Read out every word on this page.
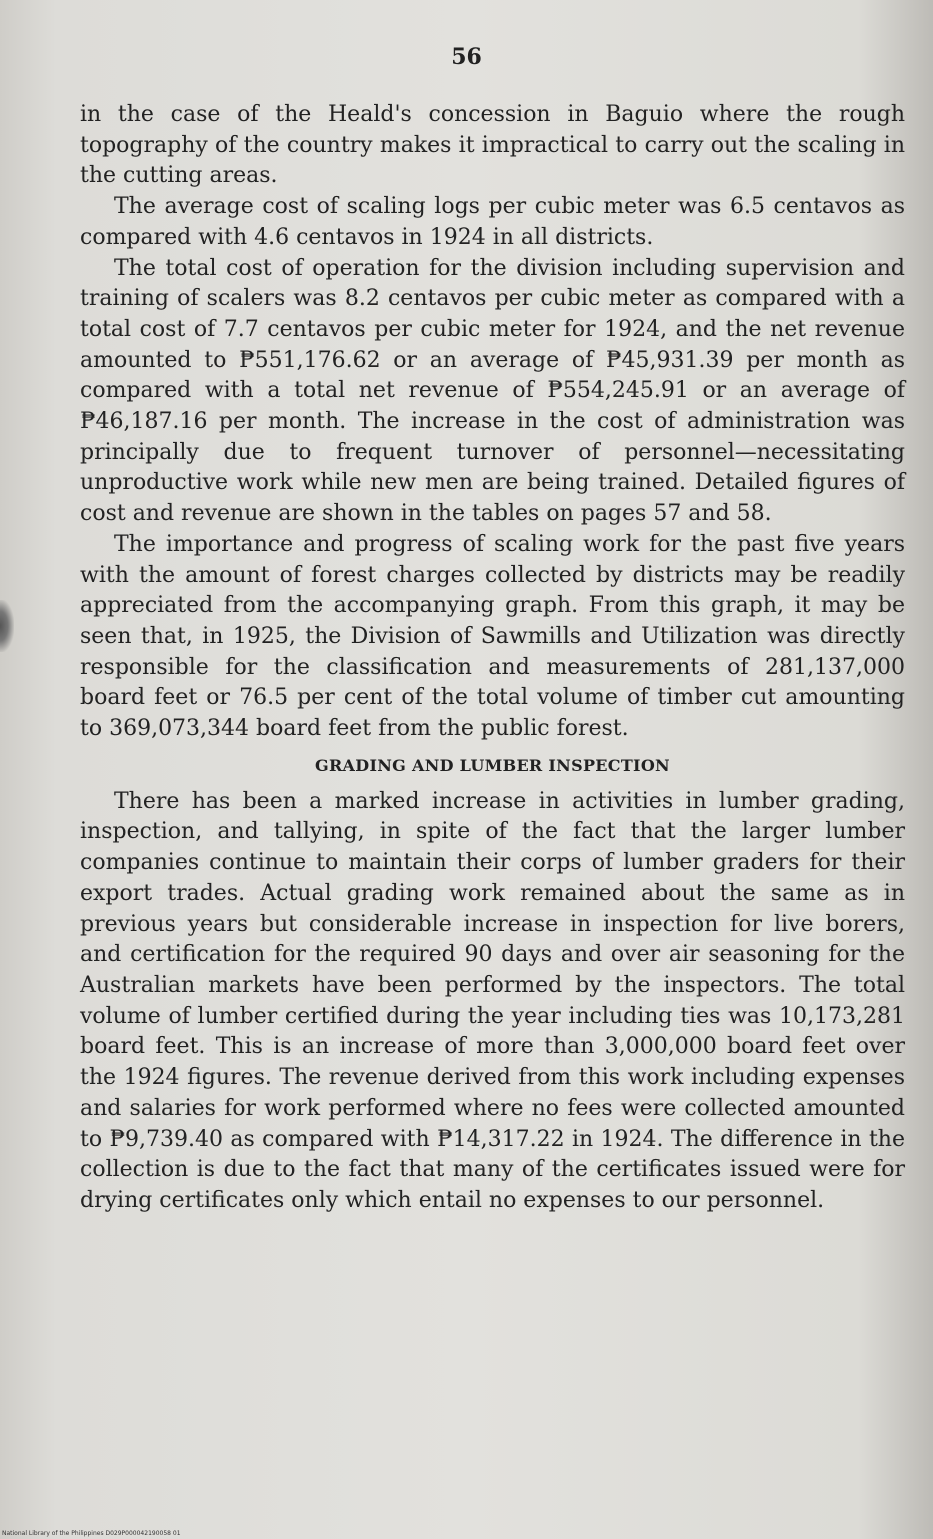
56

in the case of the Heald's concession in Baguio where the rough topography of the country makes it impractical to carry out the scaling in the cutting areas.

The average cost of scaling logs per cubic meter was 6.5 centavos as compared with 4.6 centavos in 1924 in all districts.

The total cost of operation for the division including supervision and training of scalers was 8.2 centavos per cubic meter as compared with a total cost of 7.7 centavos per cubic meter for 1924, and the net revenue amounted to ₱551,176.62 or an average of ₱45,931.39 per month as compared with a total net revenue of ₱554,245.91 or an average of ₱46,187.16 per month. The increase in the cost of administration was principally due to frequent turnover of personnel—necessitating unproductive work while new men are being trained. Detailed figures of cost and revenue are shown in the tables on pages 57 and 58.

The importance and progress of scaling work for the past five years with the amount of forest charges collected by districts may be readily appreciated from the accompanying graph. From this graph, it may be seen that, in 1925, the Division of Sawmills and Utilization was directly responsible for the classification and measurements of 281,137,000 board feet or 76.5 per cent of the total volume of timber cut amounting to 369,073,344 board feet from the public forest.

GRADING AND LUMBER INSPECTION

There has been a marked increase in activities in lumber grading, inspection, and tallying, in spite of the fact that the larger lumber companies continue to maintain their corps of lumber graders for their export trades. Actual grading work remained about the same as in previous years but considerable increase in inspection for live borers, and certification for the required 90 days and over air seasoning for the Australian markets have been performed by the inspectors. The total volume of lumber certified during the year including ties was 10,173,281 board feet. This is an increase of more than 3,000,000 board feet over the 1924 figures. The revenue derived from this work including expenses and salaries for work performed where no fees were collected amounted to ₱9,739.40 as compared with ₱14,317.22 in 1924. The difference in the collection is due to the fact that many of the certificates issued were for drying certificates only which entail no expenses to our personnel.

National Library of the Philippines D029P000042190058 01
